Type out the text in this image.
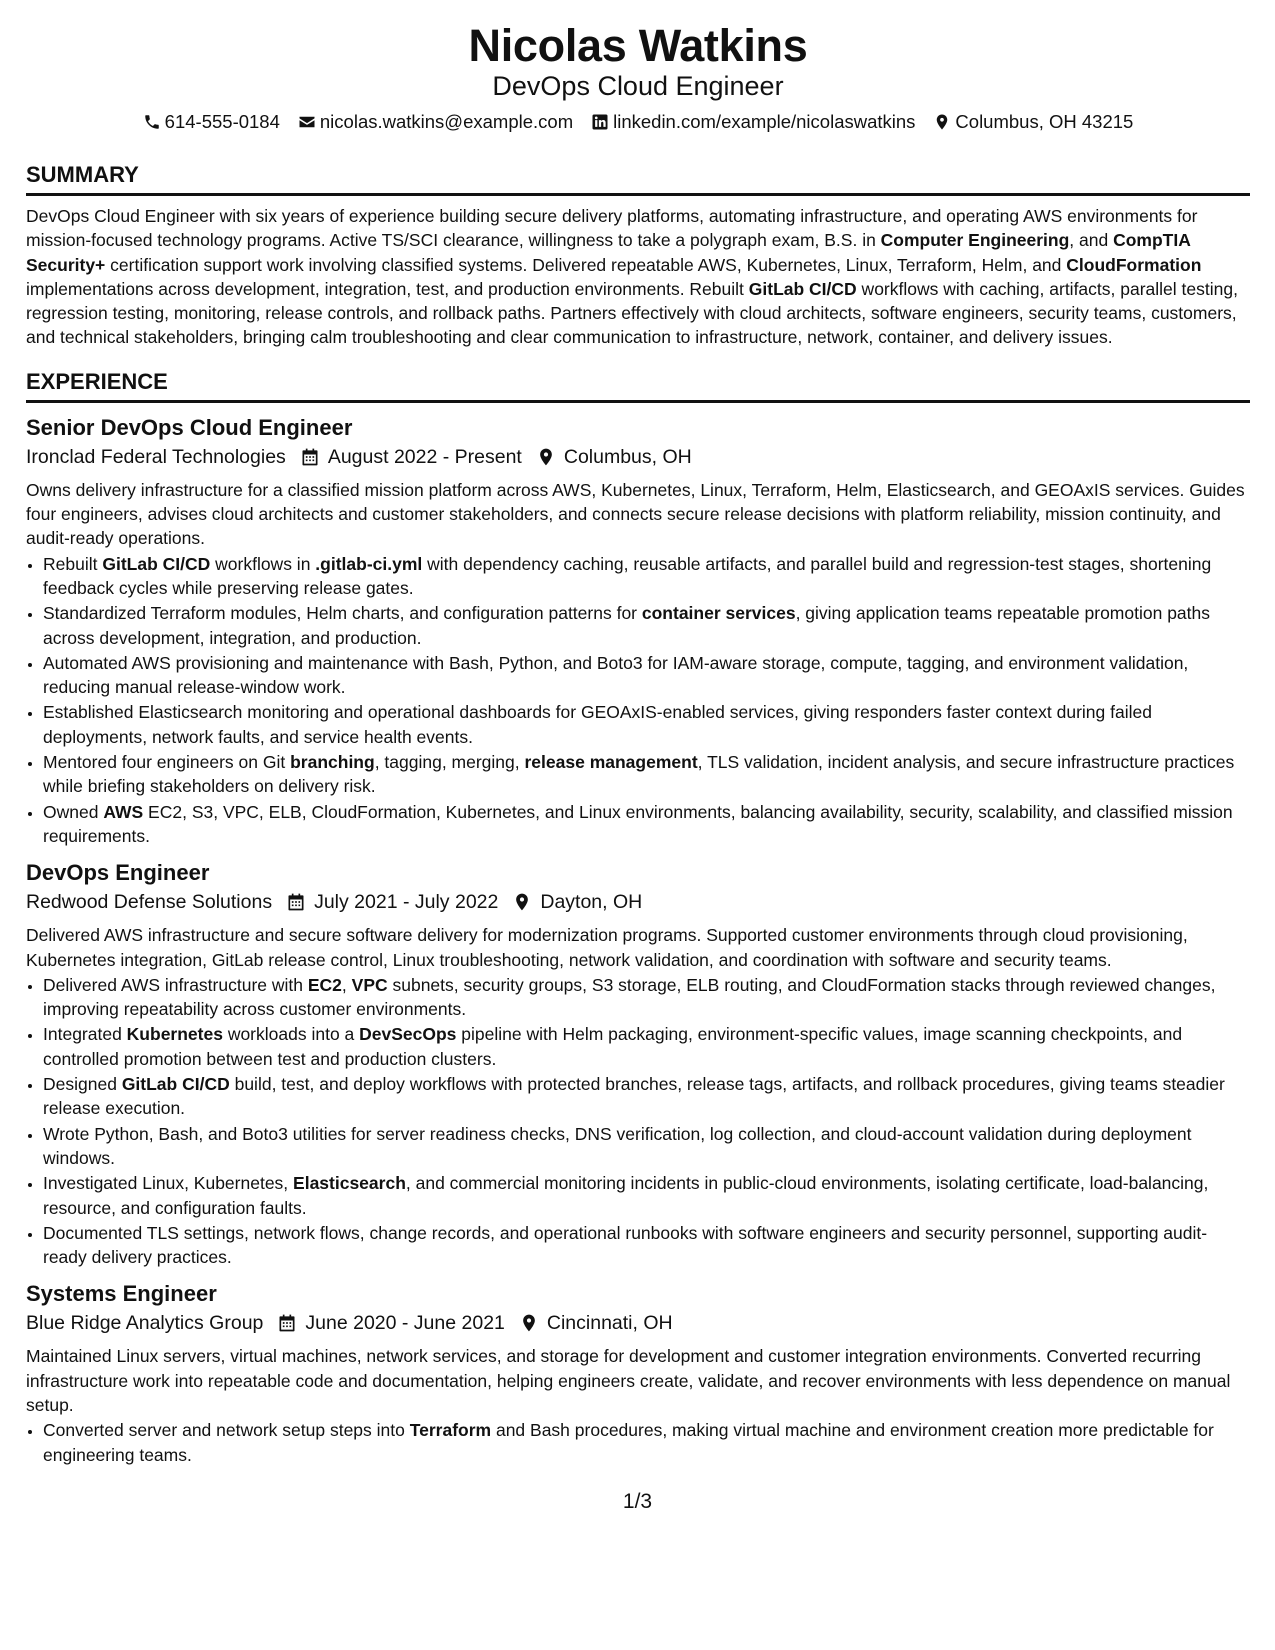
Nicolas Watkins
DevOps Cloud Engineer
614-555-0184 nicolas.watkins@example.com linkedin.com/example/nicolaswatkins Columbus, OH 43215
SUMMARY
DevOps Cloud Engineer with six years of experience building secure delivery platforms, automating infrastructure, and operating AWS environments for mission-focused technology programs. Active TS/SCI clearance, willingness to take a polygraph exam, B.S. in Computer Engineering, and CompTIA Security+ certification support work involving classified systems. Delivered repeatable AWS, Kubernetes, Linux, Terraform, Helm, and CloudFormation implementations across development, integration, test, and production environments. Rebuilt GitLab CI/CD workflows with caching, artifacts, parallel testing, regression testing, monitoring, release controls, and rollback paths. Partners effectively with cloud architects, software engineers, security teams, customers, and technical stakeholders, bringing calm troubleshooting and clear communication to infrastructure, network, container, and delivery issues.
EXPERIENCE
Senior DevOps Cloud Engineer
Ironclad Federal Technologies August 2022 - Present Columbus, OH
Owns delivery infrastructure for a classified mission platform across AWS, Kubernetes, Linux, Terraform, Helm, Elasticsearch, and GEOAxIS services. Guides four engineers, advises cloud architects and customer stakeholders, and connects secure release decisions with platform reliability, mission continuity, and audit-ready operations.
• Rebuilt GitLab CI/CD workflows in .gitlab-ci.yml with dependency caching, reusable artifacts, and parallel build and regression-test stages, shortening feedback cycles while preserving release gates.
• Standardized Terraform modules, Helm charts, and configuration patterns for container services, giving application teams repeatable promotion paths across development, integration, and production.
• Automated AWS provisioning and maintenance with Bash, Python, and Boto3 for IAM-aware storage, compute, tagging, and environment validation, reducing manual release-window work.
• Established Elasticsearch monitoring and operational dashboards for GEOAxIS-enabled services, giving responders faster context during failed deployments, network faults, and service health events.
• Mentored four engineers on Git branching, tagging, merging, release management, TLS validation, incident analysis, and secure infrastructure practices while briefing stakeholders on delivery risk.
• Owned AWS EC2, S3, VPC, ELB, CloudFormation, Kubernetes, and Linux environments, balancing availability, security, scalability, and classified mission requirements.
DevOps Engineer
Redwood Defense Solutions July 2021 - July 2022 Dayton, OH
Delivered AWS infrastructure and secure software delivery for modernization programs. Supported customer environments through cloud provisioning, Kubernetes integration, GitLab release control, Linux troubleshooting, network validation, and coordination with software and security teams.
• Delivered AWS infrastructure with EC2, VPC subnets, security groups, S3 storage, ELB routing, and CloudFormation stacks through reviewed changes, improving repeatability across customer environments.
• Integrated Kubernetes workloads into a DevSecOps pipeline with Helm packaging, environment-specific values, image scanning checkpoints, and controlled promotion between test and production clusters.
• Designed GitLab CI/CD build, test, and deploy workflows with protected branches, release tags, artifacts, and rollback procedures, giving teams steadier release execution.
• Wrote Python, Bash, and Boto3 utilities for server readiness checks, DNS verification, log collection, and cloud-account validation during deployment windows.
• Investigated Linux, Kubernetes, Elasticsearch, and commercial monitoring incidents in public-cloud environments, isolating certificate, load-balancing, resource, and configuration faults.
• Documented TLS settings, network flows, change records, and operational runbooks with software engineers and security personnel, supporting audit-ready delivery practices.
Systems Engineer
Blue Ridge Analytics Group June 2020 - June 2021 Cincinnati, OH
Maintained Linux servers, virtual machines, network services, and storage for development and customer integration environments. Converted recurring infrastructure work into repeatable code and documentation, helping engineers create, validate, and recover environments with less dependence on manual setup.
• Converted server and network setup steps into Terraform and Bash procedures, making virtual machine and environment creation more predictable for engineering teams.
1/3
